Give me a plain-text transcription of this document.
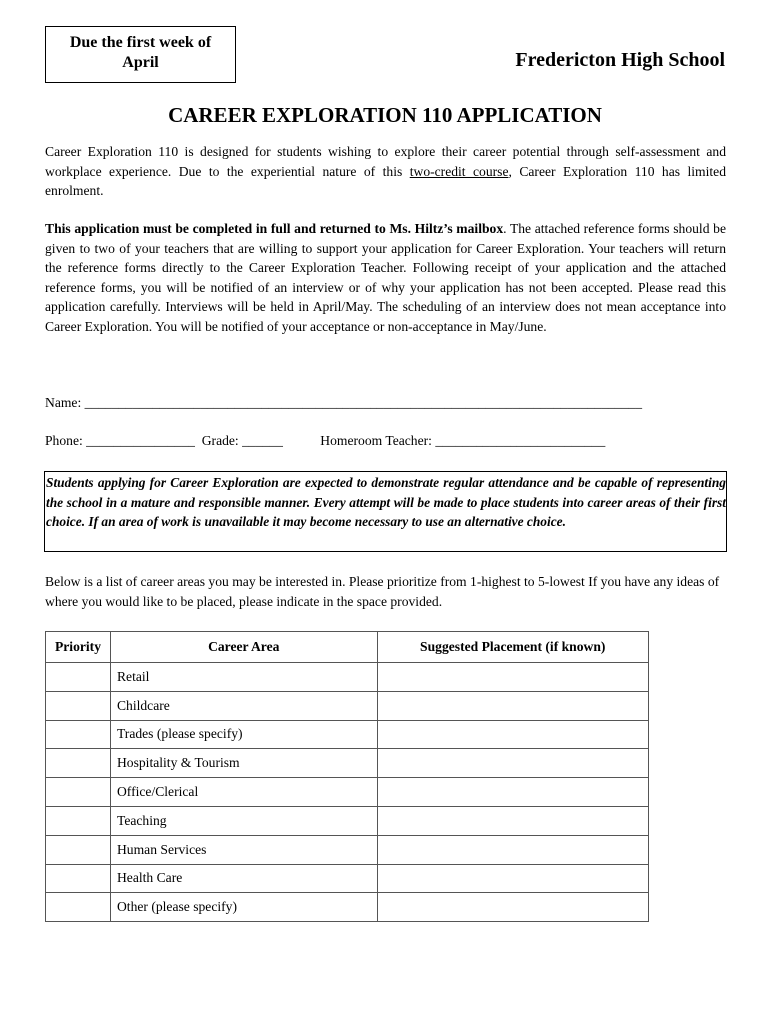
Due the first week of
April	Fredericton High School
CAREER EXPLORATION 110 APPLICATION
Career Exploration 110 is designed for students wishing to explore their career potential through self-assessment and workplace experience. Due to the experiential nature of this two-credit course, Career Exploration 110 has limited enrolment.
This application must be completed in full and returned to Ms. Hiltz’s mailbox. The attached reference forms should be given to two of your teachers that are willing to support your application for Career Exploration. Your teachers will return the reference forms directly to the Career Exploration Teacher. Following receipt of your application and the attached reference forms, you will be notified of an interview or of why your application has not been accepted. Please read this application carefully. Interviews will be held in April/May. The scheduling of an interview does not mean acceptance into Career Exploration. You will be notified of your acceptance or non-acceptance in May/June.
Name: __________________________________________________________________________________
Phone: ________________ Grade: ______	Homeroom Teacher: _________________________
Students applying for Career Exploration are expected to demonstrate regular attendance and be capable of representing the school in a mature and responsible manner. Every attempt will be made to place students into career areas of their first choice. If an area of work is unavailable it may become necessary to use an alternative choice.
Below is a list of career areas you may be interested in. Please prioritize from 1-highest to 5-lowest If you have any ideas of where you would like to be placed, please indicate in the space provided.
Priority	Career Area	Suggested Placement (if known)
	Retail	
	Childcare	
	Trades (please specify)	
	Hospitality & Tourism	
	Office/Clerical	
	Teaching	
	Human Services	
	Health Care	
	Other (please specify)	
